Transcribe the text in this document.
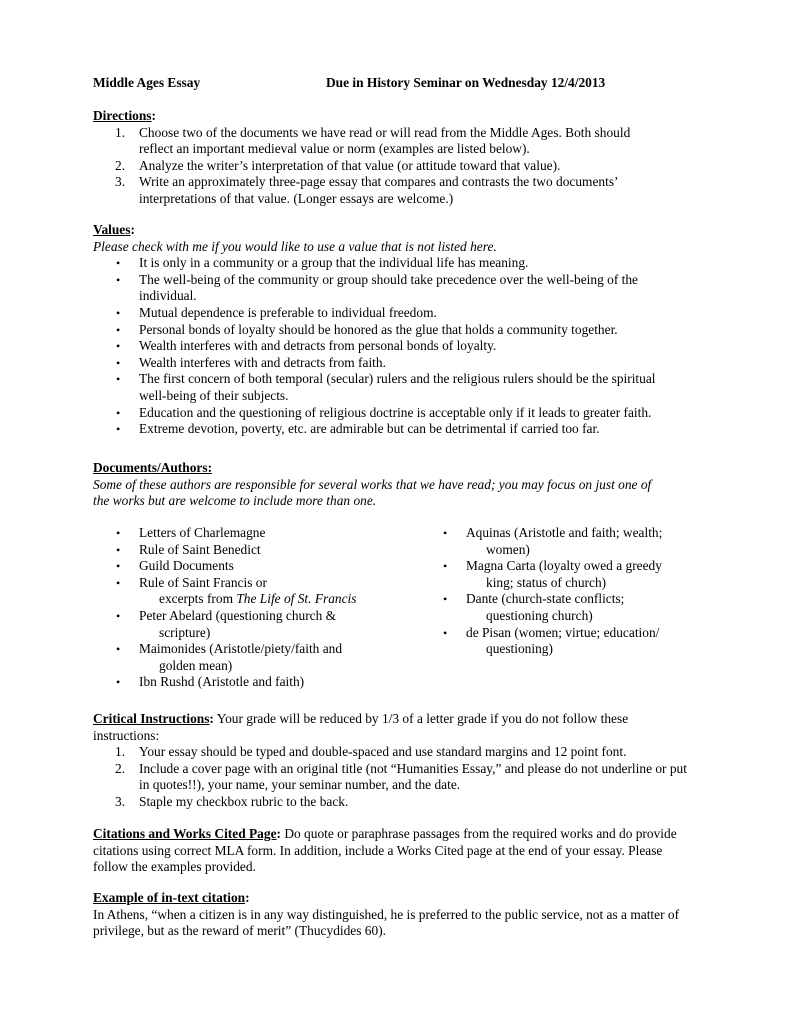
Middle Ages Essay	Due in History Seminar on Wednesday 12/4/2013
Directions:
1. Choose two of the documents we have read or will read from the Middle Ages. Both should
reflect an important medieval value or norm (examples are listed below).
2. Analyze the writer’s interpretation of that value (or attitude toward that value).
3. Write an approximately three-page essay that compares and contrasts the two documents’
interpretations of that value. (Longer essays are welcome.)
Values:
Please check with me if you would like to use a value that is not listed here.
• It is only in a community or a group that the individual life has meaning.
• The well-being of the community or group should take precedence over the well-being of the
individual.
• Mutual dependence is preferable to individual freedom.
• Personal bonds of loyalty should be honored as the glue that holds a community together.
• Wealth interferes with and detracts from personal bonds of loyalty.
• Wealth interferes with and detracts from faith.
• The first concern of both temporal (secular) rulers and the religious rulers should be the spiritual
well-being of their subjects.
• Education and the questioning of religious doctrine is acceptable only if it leads to greater faith.
• Extreme devotion, poverty, etc. are admirable but can be detrimental if carried too far.
Documents/Authors:
Some of these authors are responsible for several works that we have read; you may focus on just one of
the works but are welcome to include more than one.
• Letters of Charlemagne
• Rule of Saint Benedict
• Guild Documents
• Rule of Saint Francis or
excerpts from The Life of St. Francis
• Peter Abelard (questioning church &
scripture)
• Maimonides (Aristotle/piety/faith and
golden mean)
• Ibn Rushd (Aristotle and faith)
• Aquinas (Aristotle and faith; wealth;
women)
• Magna Carta (loyalty owed a greedy
king; status of church)
• Dante (church-state conflicts;
questioning church)
• de Pisan (women; virtue; education/
questioning)
Critical Instructions: Your grade will be reduced by 1/3 of a letter grade if you do not follow these
instructions:
1. Your essay should be typed and double-spaced and use standard margins and 12 point font.
2. Include a cover page with an original title (not “Humanities Essay,” and please do not underline or put
in quotes!!), your name, your seminar number, and the date.
3. Staple my checkbox rubric to the back.
Citations and Works Cited Page: Do quote or paraphrase passages from the required works and do provide
citations using correct MLA form. In addition, include a Works Cited page at the end of your essay. Please
follow the examples provided.
Example of in-text citation:
In Athens, “when a citizen is in any way distinguished, he is preferred to the public service, not as a matter of
privilege, but as the reward of merit” (Thucydides 60).
